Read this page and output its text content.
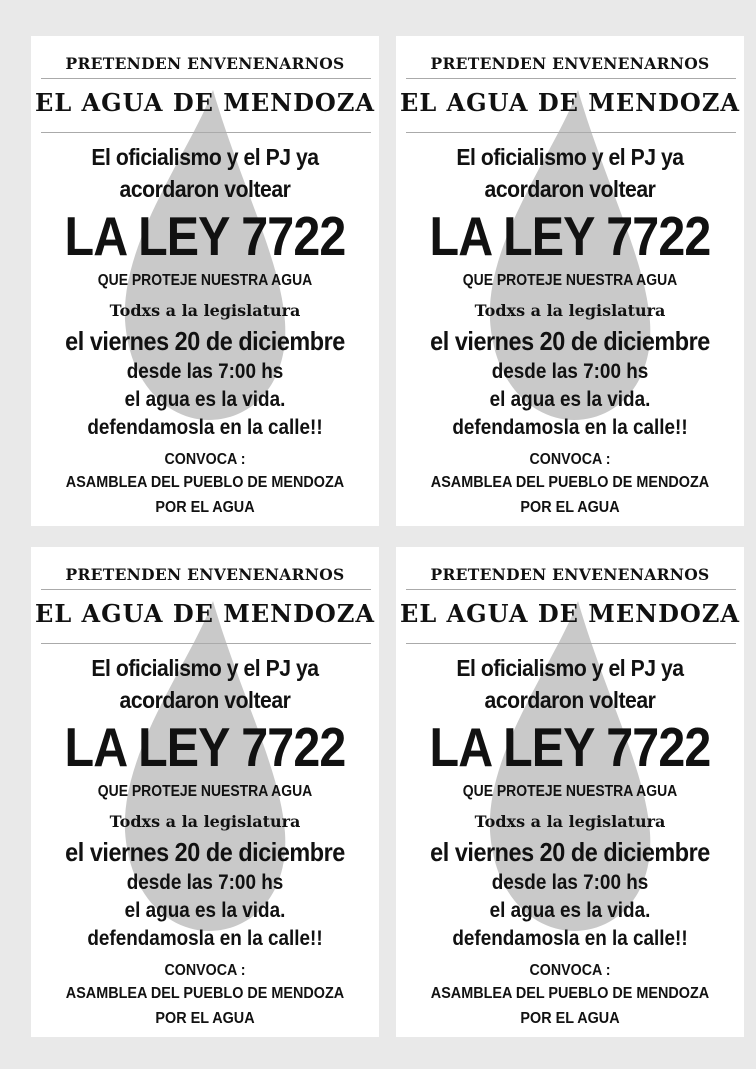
PRETENDEN ENVENENARNOS
EL AGUA DE MENDOZA
El oficialismo y el PJ ya
acordaron voltear
LA LEY 7722
QUE PROTEJE NUESTRA AGUA
Todxs a la legislatura
el viernes 20 de diciembre
desde las 7:00 hs
el agua es la vida.
defendamosla en la calle!!
CONVOCA :
ASAMBLEA DEL PUEBLO DE MENDOZA
POR EL AGUA
PRETENDEN ENVENENARNOS
EL AGUA DE MENDOZA
El oficialismo y el PJ ya
acordaron voltear
LA LEY 7722
QUE PROTEJE NUESTRA AGUA
Todxs a la legislatura
el viernes 20 de diciembre
desde las 7:00 hs
el agua es la vida.
defendamosla en la calle!!
CONVOCA :
ASAMBLEA DEL PUEBLO DE MENDOZA
POR EL AGUA
PRETENDEN ENVENENARNOS
EL AGUA DE MENDOZA
El oficialismo y el PJ ya
acordaron voltear
LA LEY 7722
QUE PROTEJE NUESTRA AGUA
Todxs a la legislatura
el viernes 20 de diciembre
desde las 7:00 hs
el agua es la vida.
defendamosla en la calle!!
CONVOCA :
ASAMBLEA DEL PUEBLO DE MENDOZA
POR EL AGUA
PRETENDEN ENVENENARNOS
EL AGUA DE MENDOZA
El oficialismo y el PJ ya
acordaron voltear
LA LEY 7722
QUE PROTEJE NUESTRA AGUA
Todxs a la legislatura
el viernes 20 de diciembre
desde las 7:00 hs
el agua es la vida.
defendamosla en la calle!!
CONVOCA :
ASAMBLEA DEL PUEBLO DE MENDOZA
POR EL AGUA
